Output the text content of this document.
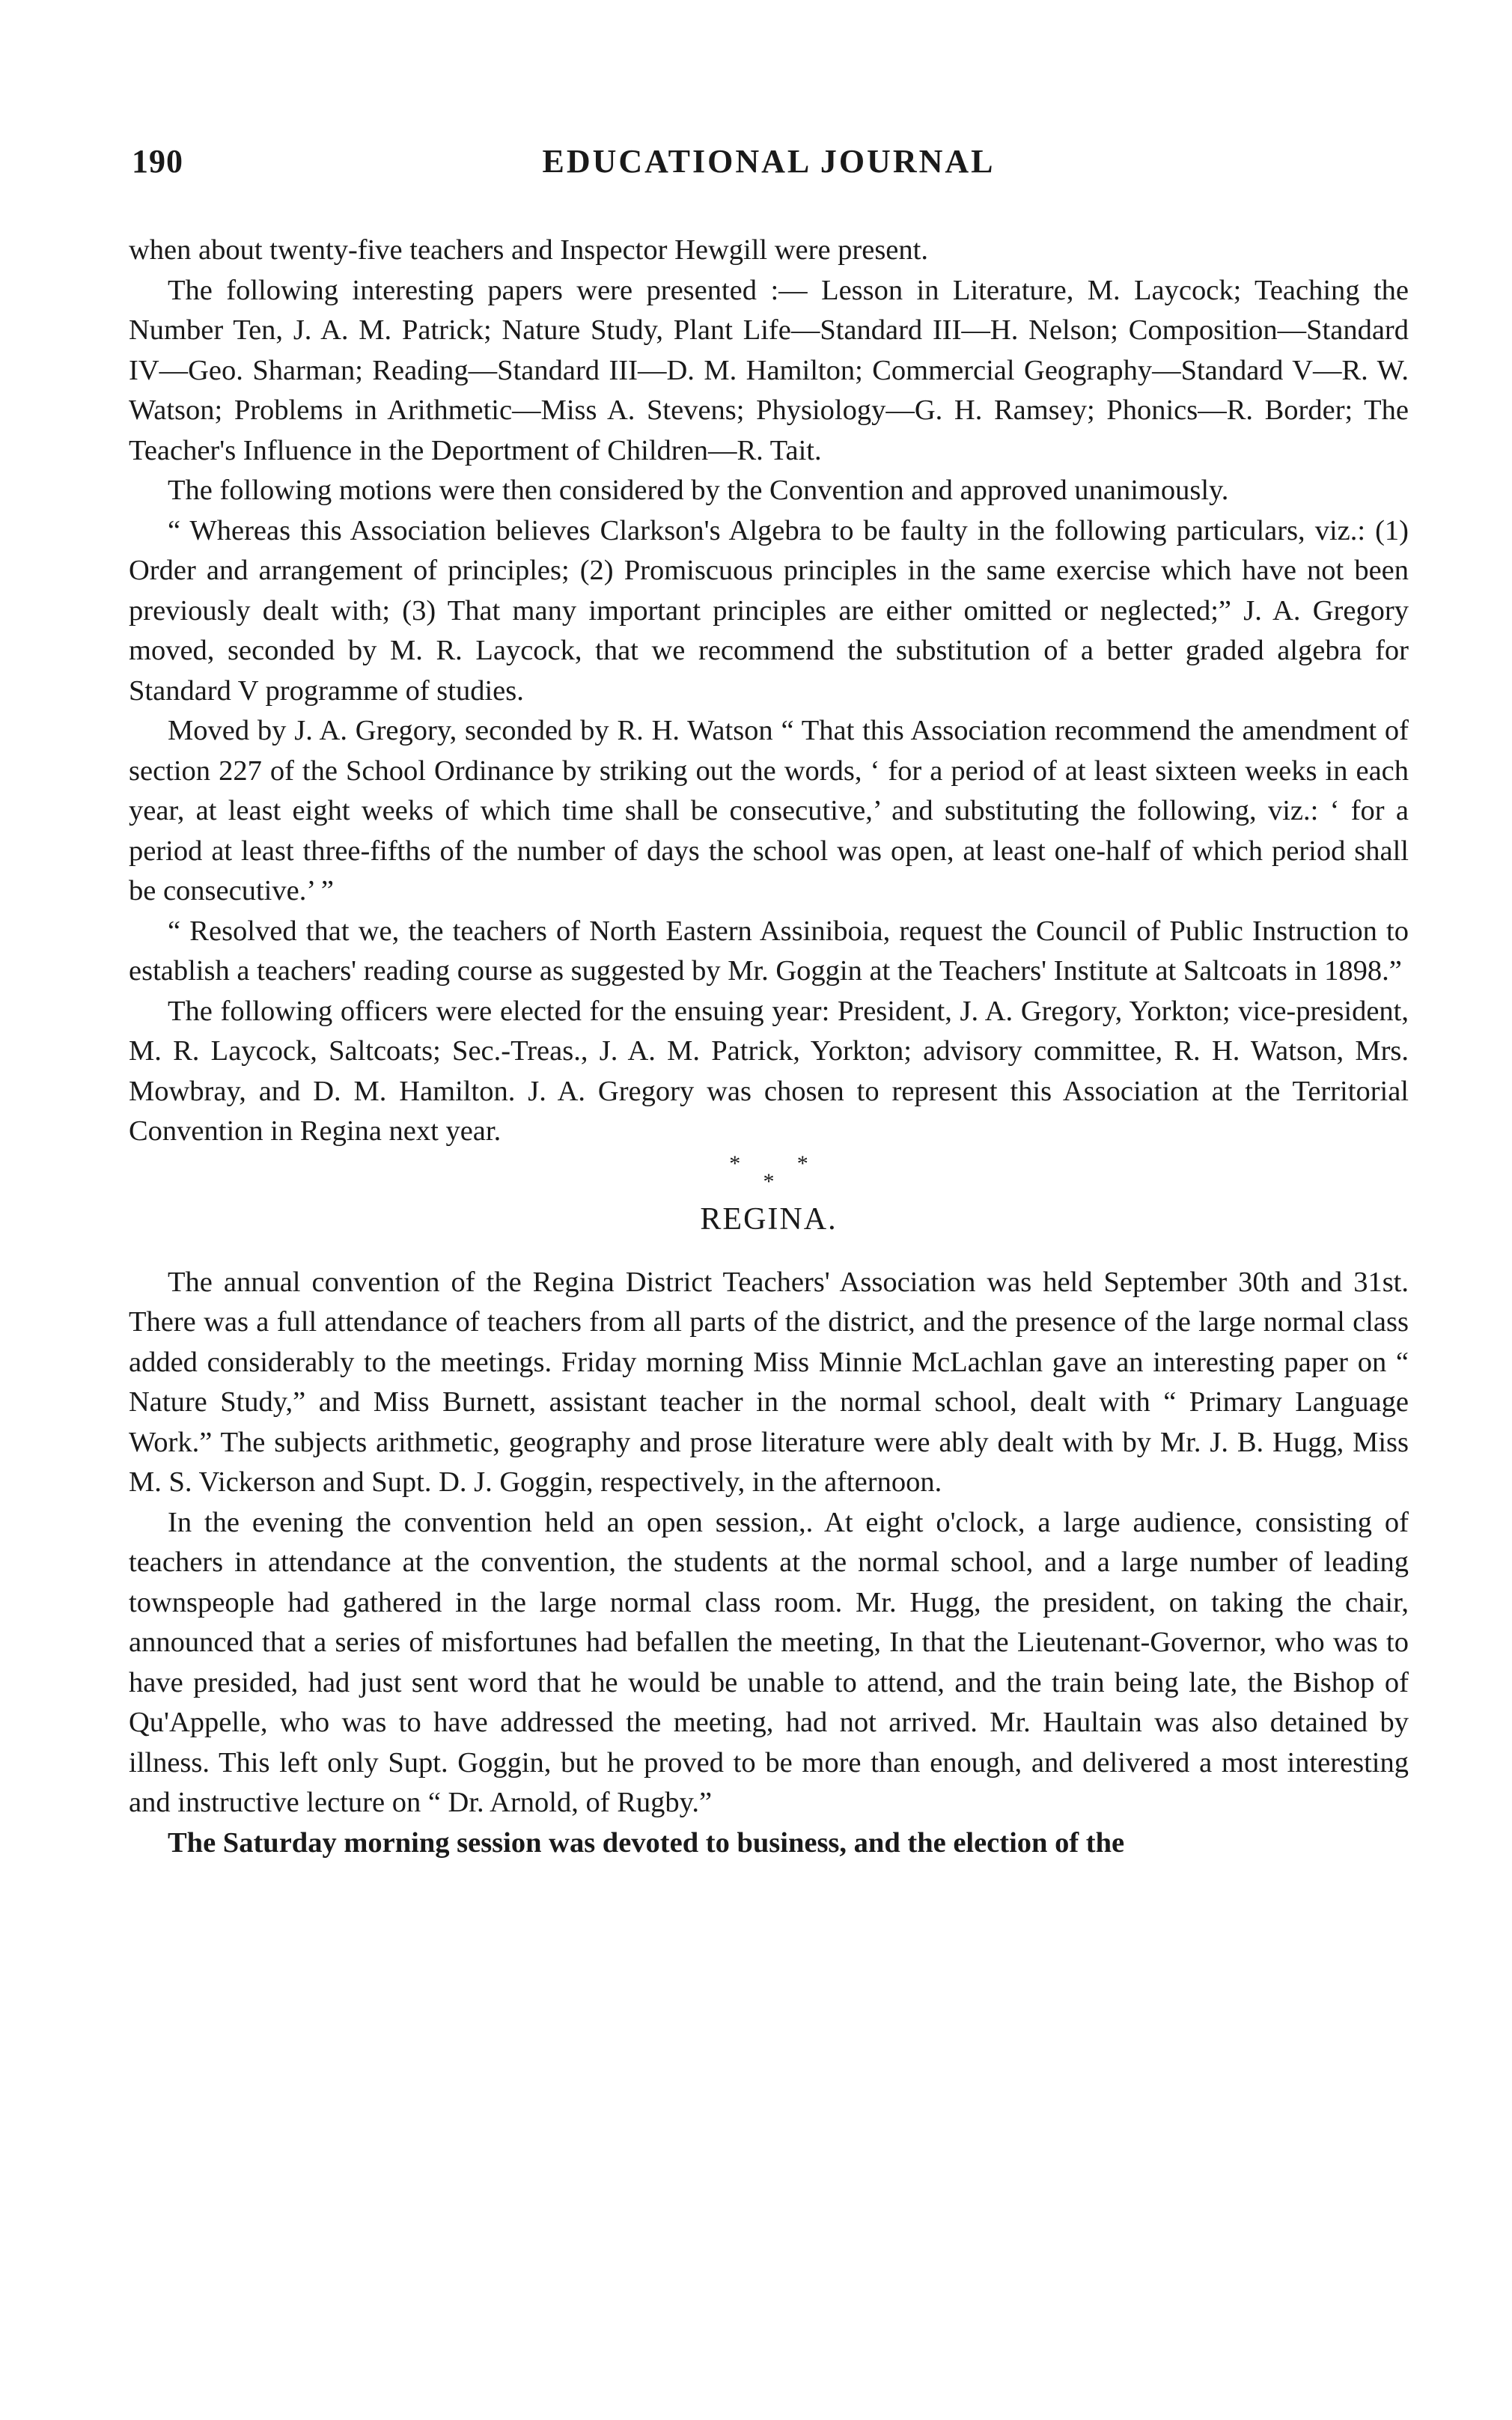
190	EDUCATIONAL JOURNAL

when about twenty-five teachers and Inspector Hewgill were present.

The following interesting papers were presented :— Lesson in Literature, M. Laycock; Teaching the Number Ten, J. A. M. Patrick; Nature Study, Plant Life—Standard III—H. Nelson; Composition—Standard IV—Geo. Sharman; Reading—Standard III—D. M. Hamilton; Commercial Geography—Standard V—R. W. Watson; Problems in Arithmetic—Miss A. Stevens; Physiology—G. H. Ramsey; Phonics—R. Border; The Teacher's Influence in the Deportment of Children—R. Tait.

The following motions were then considered by the Convention and approved unanimously.

“ Whereas this Association believes Clarkson's Algebra to be faulty in the following particulars, viz.: (1) Order and arrangement of principles; (2) Promiscuous principles in the same exercise which have not been previously dealt with; (3) That many important principles are either omitted or neglected;” J. A. Gregory moved, seconded by M. R. Laycock, that we recommend the substitution of a better graded algebra for Standard V programme of studies.

Moved by J. A. Gregory, seconded by R. H. Watson “ That this Association recommend the amendment of section 227 of the School Ordinance by striking out the words, ‘ for a period of at least sixteen weeks in each year, at least eight weeks of which time shall be consecutive,’ and substituting the following, viz.: ‘ for a period at least three-fifths of the number of days the school was open, at least one-half of which period shall be consecutive.’ ”

“ Resolved that we, the teachers of North Eastern Assiniboia, request the Council of Public Instruction to establish a teachers' reading course as suggested by Mr. Goggin at the Teachers' Institute at Saltcoats in 1898.”

The following officers were elected for the ensuing year: President, J. A. Gregory, Yorkton; vice-president, M. R. Laycock, Saltcoats; Sec.-Treas., J. A. M. Patrick, Yorkton; advisory committee, R. H. Watson, Mrs. Mowbray, and D. M. Hamilton. J. A. Gregory was chosen to represent this Association at the Territorial Convention in Regina next year.

* *
*
REGINA.

The annual convention of the Regina District Teachers' Association was held September 30th and 31st. There was a full attendance of teachers from all parts of the district, and the presence of the large normal class added considerably to the meetings. Friday morning Miss Minnie McLachlan gave an interesting paper on “ Nature Study,” and Miss Burnett, assistant teacher in the normal school, dealt with “ Primary Language Work.” The subjects arithmetic, geography and prose literature were ably dealt with by Mr. J. B. Hugg, Miss M. S. Vickerson and Supt. D. J. Goggin, respectively, in the afternoon.

In the evening the convention held an open session,. At eight o'clock, a large audience, consisting of teachers in attendance at the convention, the students at the normal school, and a large number of leading townspeople had gathered in the large normal class room. Mr. Hugg, the president, on taking the chair, announced that a series of misfortunes had befallen the meeting, In that the Lieutenant-Governor, who was to have presided, had just sent word that he would be unable to attend, and the train being late, the Bishop of Qu'Appelle, who was to have addressed the meeting, had not arrived. Mr. Haultain was also detained by illness. This left only Supt. Goggin, but he proved to be more than enough, and delivered a most interesting and instructive lecture on “ Dr. Arnold, of Rugby.”

The Saturday morning session was devoted to business, and the election of the
